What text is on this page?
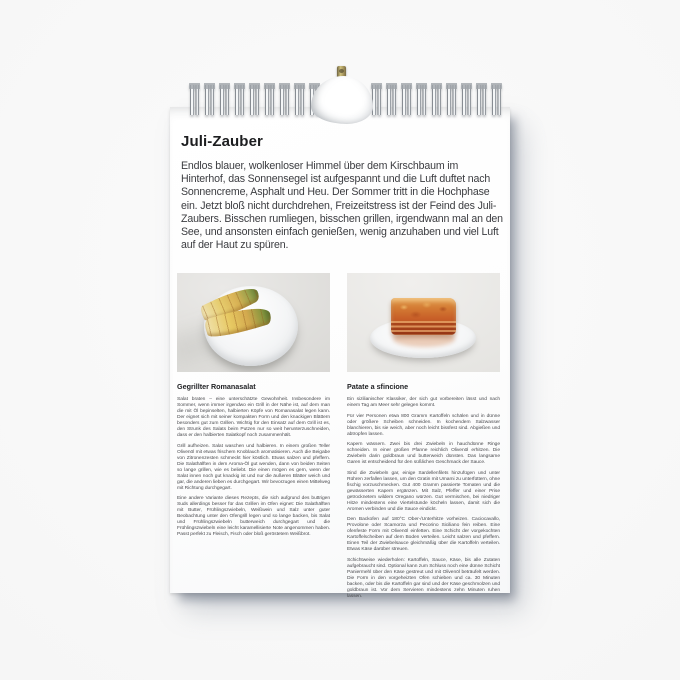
Juli-Zauber

Endlos blauer, wolkenloser Himmel über dem Kirschbaum im Hinterhof, das Sonnensegel ist aufgespannt und die Luft duftet nach Sonnencreme, Asphalt und Heu. Der Sommer tritt in die Hochphase ein. Jetzt bloß nicht durchdrehen, Freizeitstress ist der Feind des Juli-Zaubers. Bisschen rumliegen, bisschen grillen, irgendwann mal an den See, und ansonsten einfach genießen, wenig anzuhaben und viel Luft auf der Haut zu spüren.

Gegrillter Romanasalat

Salat braten – eine unterschätzte Gewohnheit. Insbesondere im Sommer, wenn immer irgendwo ein Grill in der Nähe ist, auf dem man die mit Öl bepinselten, halbierten Köpfe von Romanasalat legen kann. Der eignet sich mit seiner kompakten Form und den knackigen Blättern besonders gut zum Grillen. Wichtig für den Einsatz auf dem Grill ist es, den Strunk des Salats beim Putzen nur so weit herunterzuschneiden, dass er den halbierten Salatkopf noch zusammenhält.

Grill aufheizen. Salat waschen und halbieren. In einem großen Teller Olivenöl mit etwas frischem Knoblauch aromatisieren. Auch die Beigabe von Zitronenzesten schmeckt hier köstlich. Etwas salzen und pfeffern. Die Salathälften in dem Aroma-Öl gut wenden, dann von beiden Seiten so lange grillen, wie es beliebt. Die einen mögen es gern, wenn der Salat innen noch gut knackig ist und nur die äußeren Blätter weich und gar, die anderen lieben es durchgegart. Wir bevorzugen einen Mittelweg mit Richtung durchgegart.

Eine andere Variante dieses Rezepts, die sich aufgrund des buttrigen Suds allerdings besser für das Grillen im Ofen eignet: Die Salathälften mit Butter, Frühlingszwiebeln, Weißwein und Salz unter guter Beobachtung unter den Ofengrill legen und so lange backen, bis Salat und Frühlingszwiebeln butterweich durchgegart und die Frühlingszwiebeln eine leicht karamellisierte Note angenommen haben. Passt perfekt zu Fleisch, Fisch oder bloß geröstetem Weißbrot.

Patate a sfincione

Ein sizilianischer Klassiker, der sich gut vorbereiten lässt und nach einem Tag am Meer sehr gelegen kommt.

Für vier Personen etwa 800 Gramm Kartoffeln schälen und in dünne oder größere Scheiben schneiden. In kochendem Salzwasser blanchieren, bis sie weich, aber noch leicht bissfest sind. Abgießen und abtropfen lassen.

Kapern wässern. Zwei bis drei Zwiebeln in hauchdünne Ringe schneiden. In einer großen Pfanne reichlich Olivenöl erhitzen. Die Zwiebeln darin goldbraun und butterweich dünsten. Das langsame Garen ist entscheidend für den süßlichen Geschmack der Sauce.

Sind die Zwiebeln gar, einige Sardellenfilets hinzufügen und unter Rühren zerfallen lassen, um den Gratin mit Umami zu unterfüttern, ohne fischig vorzuschmecken. Gut 400 Gramm passierte Tomaten und die gewässerten Kapern ergänzen. Mit Salz, Pfeffer und einer Prise getrocknetem wildem Oregano würzen. Gut vermischen, bei niedriger Hitze mindestens eine Viertelstunde köcheln lassen, damit sich die Aromen verbinden und die Sauce eindickt.

Den Backofen auf 180°C Ober-/Unterhitze vorheizen. Caciocavallo, Provolone oder Scamorza und Pecorino Siciliano fein reiben. Eine ofenfeste Form mit Olivenöl einfetten. Eine Schicht der vorgekochten Kartoffelscheiben auf dem Boden verteilen. Leicht salzen und pfeffern. Einen Teil der Zwiebelsauce gleichmäßig über die Kartoffeln verteilen. Etwas Käse darüber streuen.

Schichtweise wiederholen: Kartoffeln, Sauce, Käse, bis alle Zutaten aufgebraucht sind. Optional kann zum Schluss noch eine dünne Schicht Paniermehl über den Käse gestreut und mit Olivenöl beträufelt werden. Die Form in den vorgeheizten Ofen schieben und ca. 30 Minuten backen, oder bis die Kartoffeln gar sind und der Käse geschmolzen und goldbraun ist. Vor dem Servieren mindestens zehn Minuten ruhen lassen.
